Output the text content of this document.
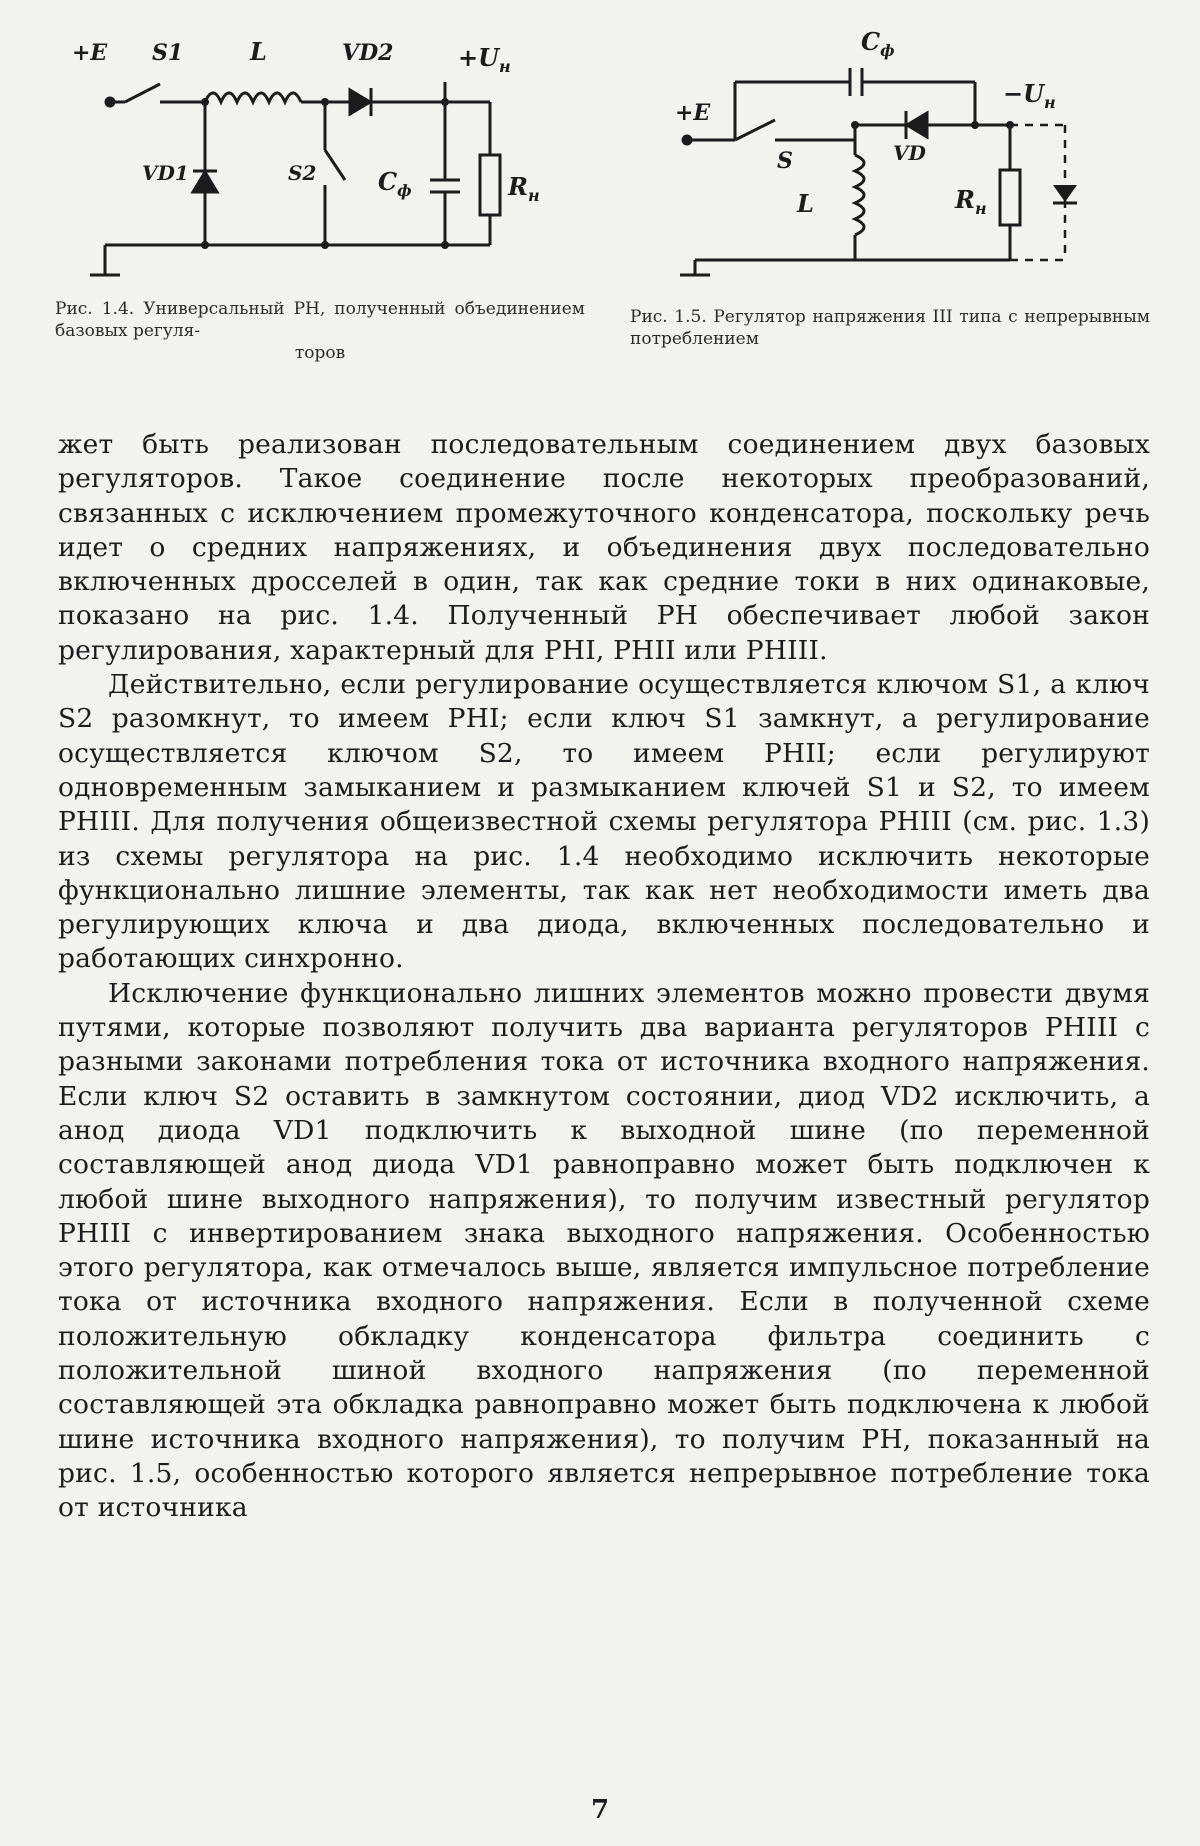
+E S1	L	VD2	$+U_н$
VD1	S2	$C_ф$	$R_н$
Рис. 1.4. Универсальный РН, полученный объединением базовых регуля-
торов
$C_ф$
+E
$-U_н$
S	VD
L	$R_н$
Рис. 1.5. Регулятор напряжения III типа с непрерывным потреблением

жет быть реализован последовательным соединением двух базовых регуляторов. Такое соединение после некоторых преобразований, связанных с исключением промежуточного конденсатора, поскольку речь идет о средних напряжениях, и объединения двух последовательно включенных дросселей в один, так как средние токи в них одинаковые, показано на рис. 1.4. Полученный РН обеспечивает любой закон регулирования, характерный для РНI, РНII или РНIII.

Действительно, если регулирование осуществляется ключом S1, а ключ S2 разомкнут, то имеем РНI; если ключ S1 замкнут, а регулирование осуществляется ключом S2, то имеем РНII; если регулируют одновременным замыканием и размыканием ключей S1 и S2, то имеем РНIII. Для получения общеизвестной схемы регулятора РНIII (см. рис. 1.3) из схемы регулятора на рис. 1.4 необходимо исключить некоторые функционально лишние элементы, так как нет необходимости иметь два регулирующих ключа и два диода, включенных последовательно и работающих синхронно.

Исключение функционально лишних элементов можно провести двумя путями, которые позволяют получить два варианта регуляторов РНIII с разными законами потребления тока от источника входного напряжения. Если ключ S2 оставить в замкнутом состоянии, диод VD2 исключить, а анод диода VD1 подключить к выходной шине (по переменной составляющей анод диода VD1 равноправно может быть подключен к любой шине выходного напряжения), то получим известный регулятор РНIII с инвертированием знака выходного напряжения. Особенностью этого регулятора, как отмечалось выше, является импульсное потребление тока от источника входного напряжения. Если в полученной схеме положительную обкладку конденсатора фильтра соединить с положительной шиной входного напряжения (по переменной составляющей эта обкладка равноправно может быть подключена к любой шине источника входного напряжения), то получим РН, показанный на рис. 1.5, особенностью которого является непрерывное потребление тока от источника

7
